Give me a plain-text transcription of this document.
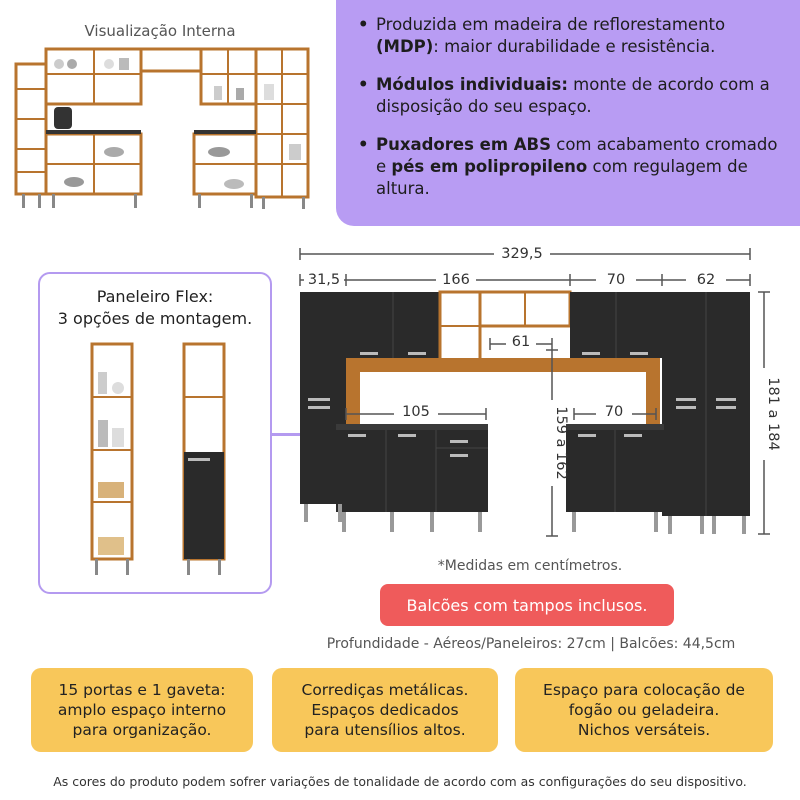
Visualização Interna
•	Produzida em madeira de reflorestamento (MDP): maior durabilidade e resistência.
• Módulos individuais: monte de acordo com a disposição do seu espaço.
• Puxadores em ABS com acabamento cromado e pés em polipropileno com regulagem de altura.
Paneleiro Flex:
3 opções de montagem.
329,5
31,5	166	70	62
61
105	70
159 a 162	181 a 184
*Medidas em centímetros.
Balcões com tampos inclusos.
Profundidade - Aéreos/Paneleiros: 27cm | Balcões: 44,5cm
15 portas e 1 gaveta:
amplo espaço interno
para organização.
Corrediças metálicas.
Espaços dedicados
para utensílios altos.
Espaço para colocação de
fogão ou geladeira.
Nichos versáteis.
As cores do produto podem sofrer variações de tonalidade de acordo com as configurações do seu dispositivo.
